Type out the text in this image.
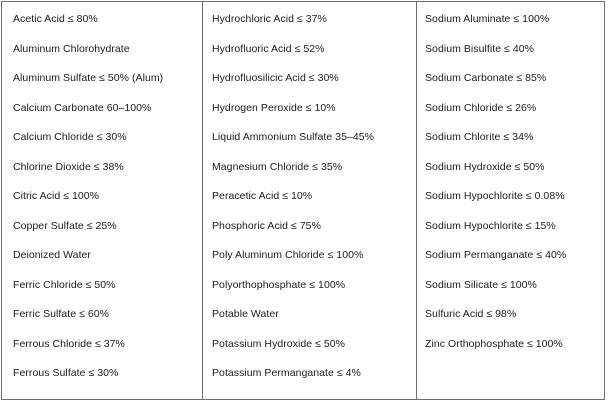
Acetic Acid ≤ 80%
Aluminum Chlorohydrate
Aluminum Sulfate ≤ 50% (Alum)
Calcium Carbonate 60–100%
Calcium Chloride ≤ 30%
Chlorine Dioxide ≤ 38%
Citric Acid ≤ 100%
Copper Sulfate ≤ 25%
Deionized Water
Ferric Chloride ≤ 50%
Ferric Sulfate ≤ 60%
Ferrous Chloride ≤ 37%
Ferrous Sulfate ≤ 30%
Hydrochloric Acid ≤ 37%
Hydrofluoric Acid ≤ 52%
Hydrofluosilicic Acid ≤ 30%
Hydrogen Peroxide ≤ 10%
Liquid Ammonium Sulfate 35–45%
Magnesium Chloride ≤ 35%
Peracetic Acid ≤ 10%
Phosphoric Acid ≤ 75%
Poly Aluminum Chloride ≤ 100%
Polyorthophosphate ≤ 100%
Potable Water
Potassium Hydroxide ≤ 50%
Potassium Permanganate ≤ 4%
Sodium Aluminate ≤ 100%
Sodium Bisulfite ≤ 40%
Sodium Carbonate ≤ 85%
Sodium Chloride ≤ 26%
Sodium Chlorite ≤ 34%
Sodium Hydroxide ≤ 50%
Sodium Hypochlorite ≤ 0.08%
Sodium Hypochlorite ≤ 15%
Sodium Permanganate ≤ 40%
Sodium Silicate ≤ 100%
Sulfuric Acid ≤ 98%
Zinc Orthophosphate ≤ 100%
